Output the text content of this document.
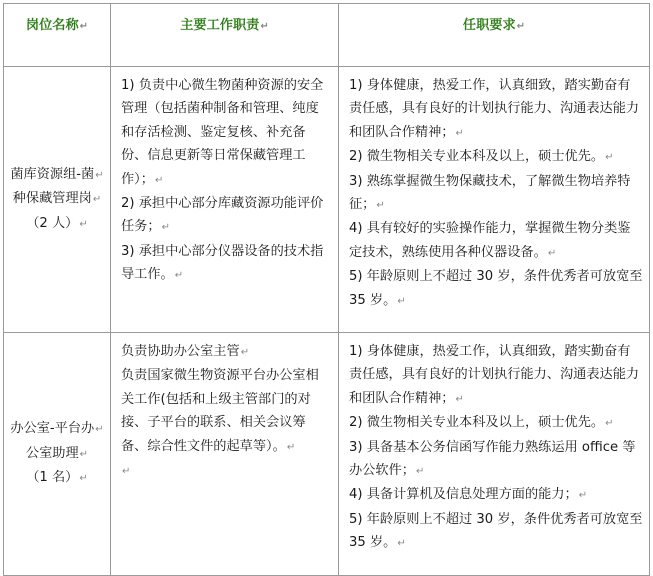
岗位名称↵	主要工作职责↵	任职要求↵

菌库资源组-菌↵
种保藏管理岗↵
（2 人）↵	1) 负责中心微生物菌种资源的安全管理（包括菌种制备和管理、纯度和存活检测、鉴定复核、补充备份、信息更新等日常保藏管理工作）；↵
2) 承担中心部分库藏资源功能评价任务；↵
3) 承担中心部分仪器设备的技术指导工作。↵	1) 身体健康，热爱工作，认真细致，踏实勤奋有责任感，具有良好的计划执行能力、沟通表达能力和团队合作精神；↵
2) 微生物相关专业本科及以上，硕士优先。↵
3) 熟练掌握微生物保藏技术，了解微生物培养特征；↵
4) 具有较好的实验操作能力，掌握微生物分类鉴定技术，熟练使用各种仪器设备。↵
5) 年龄原则上不超过 30 岁，条件优秀者可放宽至 35 岁。↵

办公室-平台办↵
公室助理↵
（1 名）↵	负责协助办公室主管↵
负责国家微生物资源平台办公室相关工作(包括和上级主管部门的对接、子平台的联系、相关会议筹备、综合性文件的起草等）。↵
↵	1) 身体健康，热爱工作，认真细致，踏实勤奋有责任感，具有良好的计划执行能力、沟通表达能力和团队合作精神；↵
2) 微生物相关专业本科及以上，硕士优先。↵
3) 具备基本公务信函写作能力熟练运用 office 等办公软件；↵
4) 具备计算机及信息处理方面的能力；↵
5) 年龄原则上不超过 30 岁，条件优秀者可放宽至 35 岁。↵
